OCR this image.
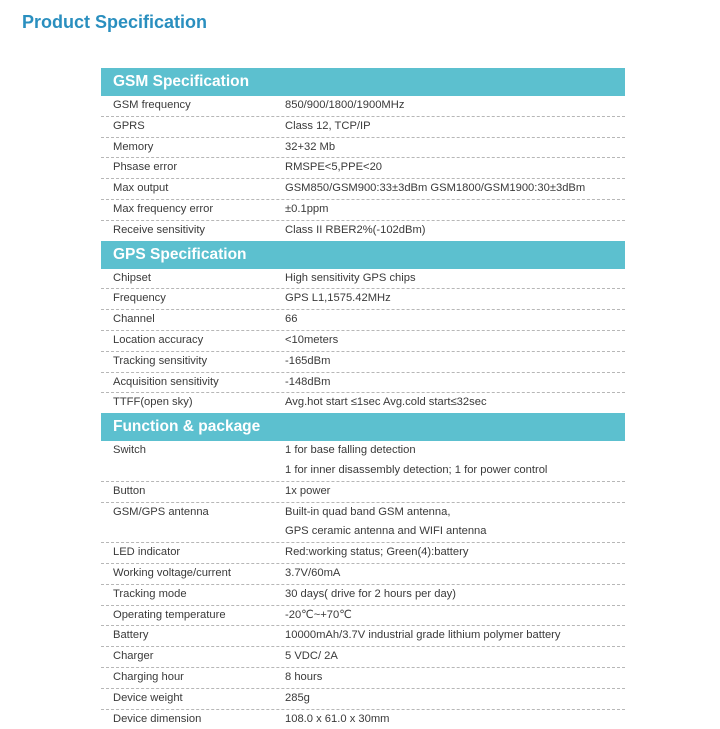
Product Specification
GSM Specification
GSM frequency	850/900/1800/1900MHz
GPRS	Class 12, TCP/IP
Memory	32+32 Mb
Phsase error	RMSPE<5,PPE<20
Max output	GSM850/GSM900:33±3dBm GSM1800/GSM1900:30±3dBm
Max frequency error	±0.1ppm
Receive sensitivity	Class II RBER2%(-102dBm)
GPS Specification
Chipset	High sensitivity GPS chips
Frequency	GPS L1,1575.42MHz
Channel	66
Location accuracy	<10meters
Tracking sensitivity	-165dBm
Acquisition sensitivity	-148dBm
TTFF(open sky)	Avg.hot start ≤1sec Avg.cold start≤32sec
Function & package
Switch	1 for base falling detection
1 for inner disassembly detection; 1 for power control
Button	1x power
GSM/GPS antenna	Built-in quad band GSM antenna,
GPS ceramic antenna and WIFI antenna
LED indicator	Red:working status; Green(4):battery
Working voltage/current	3.7V/60mA
Tracking mode	30 days( drive for 2 hours per day)
Operating temperature	-20℃~+70℃
Battery	10000mAh/3.7V industrial grade lithium polymer battery
Charger	5 VDC/ 2A
Charging hour	8 hours
Device weight	285g
Device dimension	108.0 x 61.0 x 30mm
